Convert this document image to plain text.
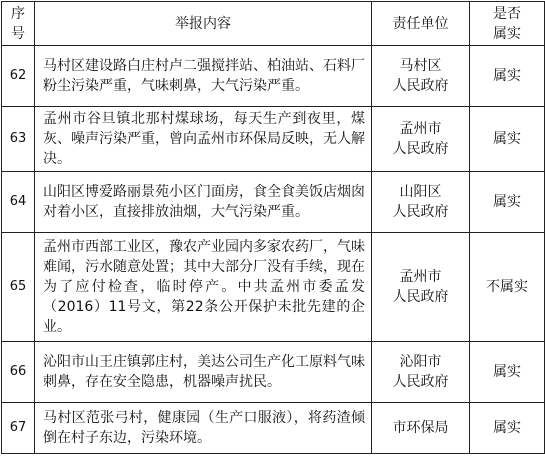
序
号	举报内容	责任单位	是否
属实

62	马村区建设路白庄村卢二强搅拌站、柏油站、石料厂粉尘污染严重，气味刺鼻，大气污染严重。	马村区
人民政府	属实
63	孟州市谷旦镇北那村煤球场，每天生产到夜里，煤灰、噪声污染严重，曾向孟州市环保局反映，无人解决。	孟州市
人民政府	属实
64	山阳区博爱路丽景苑小区门面房，食全食美饭店烟囱对着小区，直接排放油烟，大气污染严重。	山阳区
人民政府	属实
65	孟州市西部工业区，豫农产业园内多家农药厂，气味难闻，污水随意处置；其中大部分厂没有手续，现在为了应付检查，临时停产。中共孟州市委孟发（2016）11号文，第22条公开保护未批先建的企业。	孟州市
人民政府	不属实
66	沁阳市山王庄镇郭庄村，美达公司生产化工原料气味刺鼻，存在安全隐患，机器噪声扰民。	沁阳市
人民政府	属实
67	马村区范张弓村，健康园（生产口服液），将药渣倾倒在村子东边，污染环境。	市环保局	属实
